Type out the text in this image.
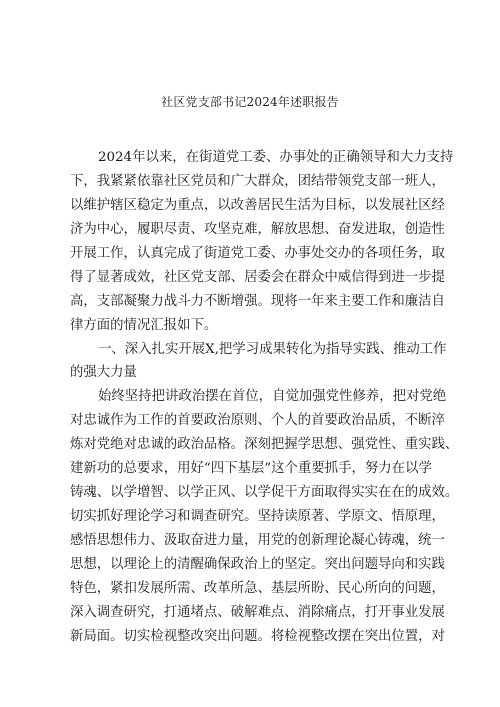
社区党支部书记2024年述职报告
2024年以来，在街道党工委、办事处的正确领导和大力支持
下，我紧紧依靠社区党员和广大群众，团结带领党支部一班人，
以维护辖区稳定为重点，以改善居民生活为目标，以发展社区经
济为中心，履职尽责、攻坚克难，解放思想、奋发进取，创造性
开展工作，认真完成了街道党工委、办事处交办的各项任务，取
得了显著成效，社区党支部、居委会在群众中威信得到进一步提
高，支部凝聚力战斗力不断增强。现将一年来主要工作和廉洁自
律方面的情况汇报如下。
一、深入扎实开展X,把学习成果转化为指导实践、推动工作
的强大力量
始终坚持把讲政治摆在首位，自觉加强党性修养，把对党绝
对忠诚作为工作的首要政治原则、个人的首要政治品质，不断淬
炼对党绝对忠诚的政治品格。深刻把握学思想、强党性、重实践、
建新功的总要求，用好“四下基层”这个重要抓手，努力在以学
铸魂、以学增智、以学正风、以学促干方面取得实实在在的成效。
切实抓好理论学习和调查研究。坚持读原著、学原文、悟原理，
感悟思想伟力、汲取奋进力量，用党的创新理论凝心铸魂，统一
思想，以理论上的清醒确保政治上的坚定。突出问题导向和实践
特色，紧扣发展所需、改革所急、基层所盼、民心所向的问题，
深入调查研究，打通堵点、破解难点、消除痛点，打开事业发展
新局面。切实检视整改突出问题。将检视整改摆在突出位置，对
